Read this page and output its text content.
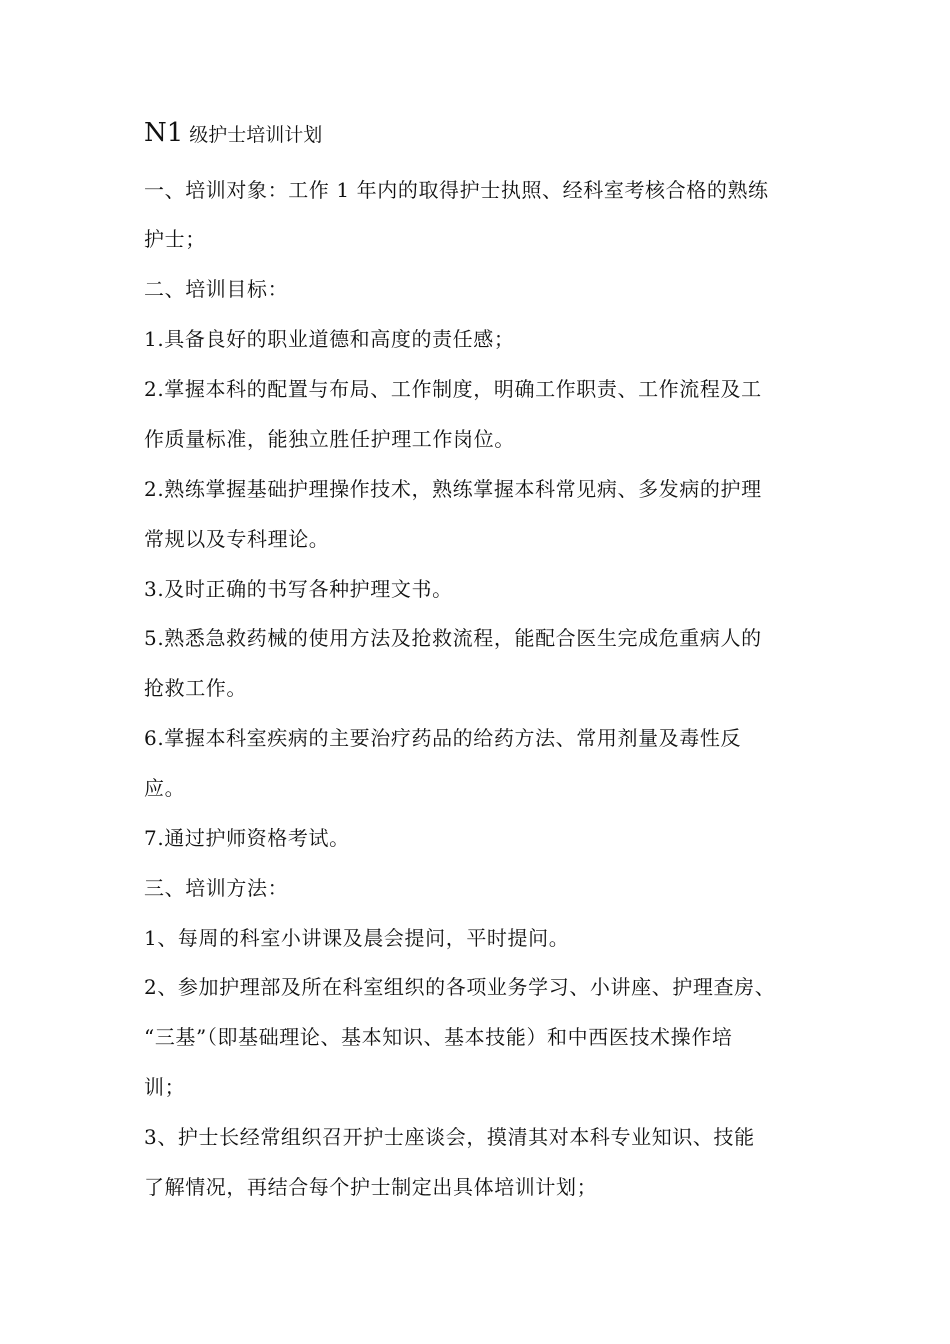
N1 级护士培训计划
一、培训对象：工作 1 年内的取得护士执照、经科室考核合格的熟练
护士；
二、培训目标：
1.具备良好的职业道德和高度的责任感；
2.掌握本科的配置与布局、工作制度，明确工作职责、工作流程及工
作质量标准，能独立胜任护理工作岗位。
2.熟练掌握基础护理操作技术，熟练掌握本科常见病、多发病的护理
常规以及专科理论。
3.及时正确的书写各种护理文书。
5.熟悉急救药械的使用方法及抢救流程，能配合医生完成危重病人的
抢救工作。
6.掌握本科室疾病的主要治疗药品的给药方法、常用剂量及毒性反
应。
7.通过护师资格考试。
三、培训方法：
1、每周的科室小讲课及晨会提问，平时提问。
2、参加护理部及所在科室组织的各项业务学习、小讲座、护理查房、
“三基”（即基础理论、基本知识、基本技能）和中西医技术操作培
训；
3、护士长经常组织召开护士座谈会，摸清其对本科专业知识、技能
了解情况，再结合每个护士制定出具体培训计划；
